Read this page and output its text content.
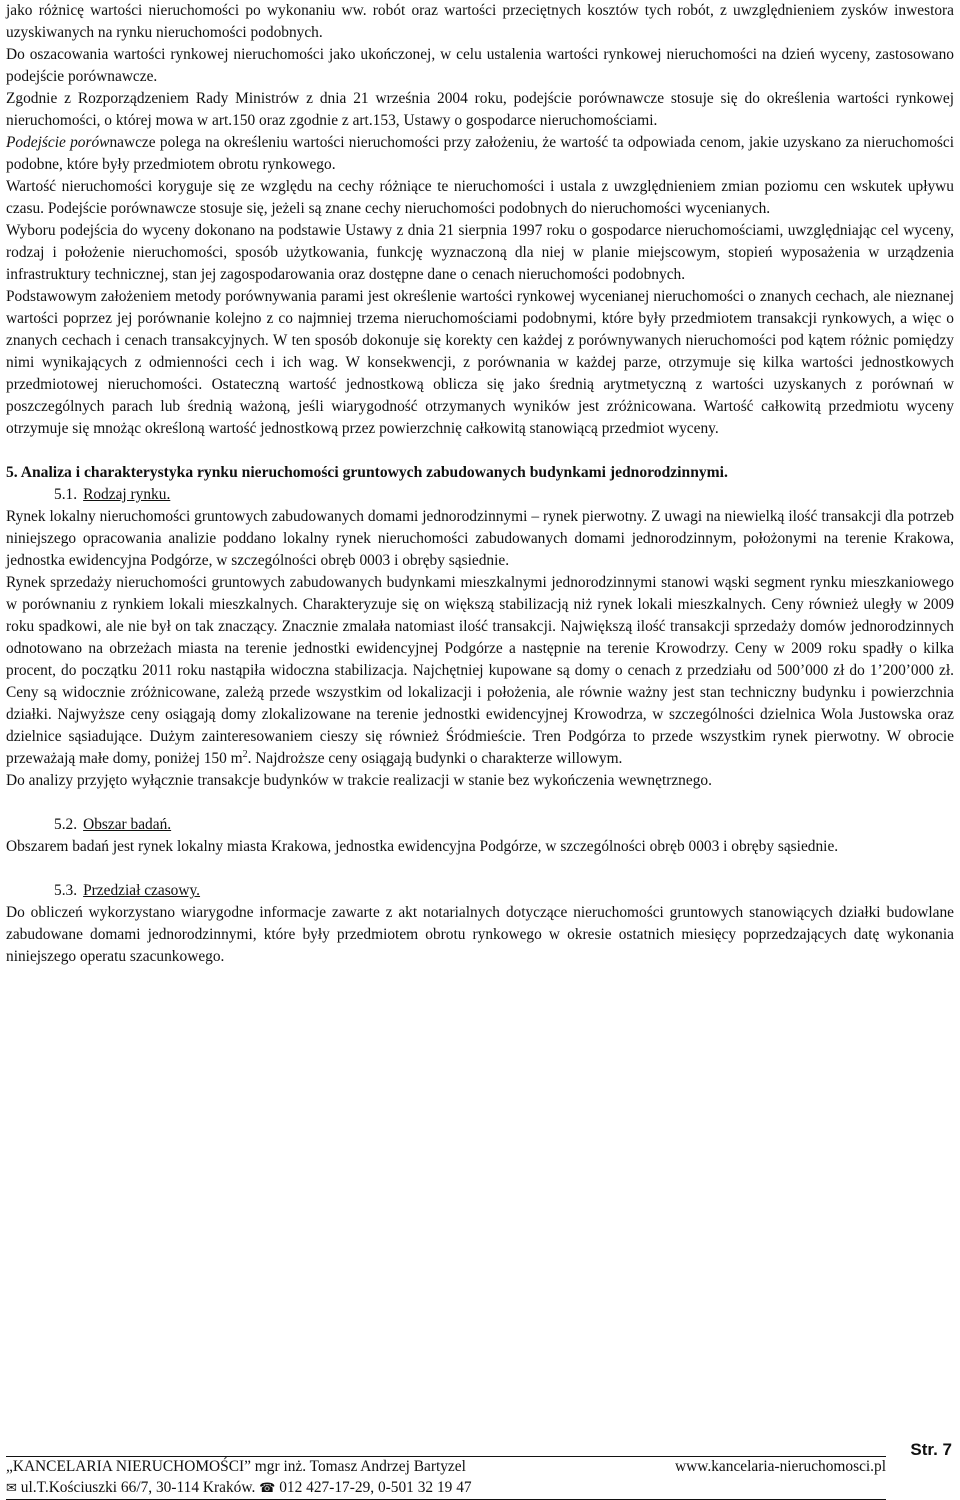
jako różnicę wartości nieruchomości po wykonaniu ww. robót oraz wartości przeciętnych kosztów tych robót, z uwzględnieniem zysków inwestora uzyskiwanych na rynku nieruchomości podobnych.

Do oszacowania wartości rynkowej nieruchomości jako ukończonej, w celu ustalenia wartości rynkowej nieruchomości na dzień wyceny, zastosowano podejście porównawcze.

Zgodnie z Rozporządzeniem Rady Ministrów z dnia 21 września 2004 roku, podejście porównawcze stosuje się do określenia wartości rynkowej nieruchomości, o której mowa w art.150 oraz zgodnie z art.153, Ustawy o gospodarce nieruchomościami.

Podejście porównawcze polega na określeniu wartości nieruchomości przy założeniu, że wartość ta odpowiada cenom, jakie uzyskano za nieruchomości podobne, które były przedmiotem obrotu rynkowego.

Wartość nieruchomości koryguje się ze względu na cechy różniące te nieruchomości i ustala z uwzględnieniem zmian poziomu cen wskutek upływu czasu. Podejście porównawcze stosuje się, jeżeli są znane cechy nieruchomości podobnych do nieruchomości wycenianych.

Wyboru podejścia do wyceny dokonano na podstawie Ustawy z dnia 21 sierpnia 1997 roku o gospodarce nieruchomościami, uwzględniając cel wyceny, rodzaj i położenie nieruchomości, sposób użytkowania, funkcję wyznaczoną dla niej w planie miejscowym, stopień wyposażenia w urządzenia infrastruktury technicznej, stan jej zagospodarowania oraz dostępne dane o cenach nieruchomości podobnych.

Podstawowym założeniem metody porównywania parami jest określenie wartości rynkowej wycenianej nieruchomości o znanych cechach, ale nieznanej wartości poprzez jej porównanie kolejno z co najmniej trzema nieruchomościami podobnymi, które były przedmiotem transakcji rynkowych, a więc o znanych cechach i cenach transakcyjnych. W ten sposób dokonuje się korekty cen każdej z porównywanych nieruchomości pod kątem różnic pomiędzy nimi wynikających z odmienności cech i ich wag. W konsekwencji, z porównania w każdej parze, otrzymuje się kilka wartości jednostkowych przedmiotowej nieruchomości. Ostateczną wartość jednostkową oblicza się jako średnią arytmetyczną z wartości uzyskanych z porównań w poszczególnych parach lub średnią ważoną, jeśli wiarygodność otrzymanych wyników jest zróżnicowana. Wartość całkowitą przedmiotu wyceny otrzymuje się mnożąc określoną wartość jednostkową przez powierzchnię całkowitą stanowiącą przedmiot wyceny.

5. Analiza i charakterystyka rynku nieruchomości gruntowych zabudowanych budynkami jednorodzinnymi.

5.1. Rodzaj rynku.

Rynek lokalny nieruchomości gruntowych zabudowanych domami jednorodzinnymi – rynek pierwotny. Z uwagi na niewielką ilość transakcji dla potrzeb niniejszego opracowania analizie poddano lokalny rynek nieruchomości zabudowanych domami jednorodzinnym, położonymi na terenie Krakowa, jednostka ewidencyjna Podgórze, w szczególności obręb 0003 i obręby sąsiednie.

Rynek sprzedaży nieruchomości gruntowych zabudowanych budynkami mieszkalnymi jednorodzinnymi stanowi wąski segment rynku mieszkaniowego w porównaniu z rynkiem lokali mieszkalnych. Charakteryzuje się on większą stabilizacją niż rynek lokali mieszkalnych. Ceny również uległy w 2009 roku spadkowi, ale nie był on tak znaczący. Znacznie zmalała natomiast ilość transakcji. Największą ilość transakcji sprzedaży domów jednorodzinnych odnotowano na obrzeżach miasta na terenie jednostki ewidencyjnej Podgórze a następnie na terenie Krowodrzy. Ceny w 2009 roku spadły o kilka procent, do początku 2011 roku nastąpiła widoczna stabilizacja. Najchętniej kupowane są domy o cenach z przedziału od 500’000 zł do 1’200’000 zł. Ceny są widocznie zróżnicowane, zależą przede wszystkim od lokalizacji i położenia, ale równie ważny jest stan techniczny budynku i powierzchnia działki. Najwyższe ceny osiągają domy zlokalizowane na terenie jednostki ewidencyjnej Krowodrza, w szczególności dzielnica Wola Justowska oraz dzielnice sąsiadujące. Dużym zainteresowaniem cieszy się również Śródmieście. Tren Podgórza to przede wszystkim rynek pierwotny. W obrocie przeważają małe domy, poniżej 150 $m^2$. Najdroższe ceny osiągają budynki o charakterze willowym.

Do analizy przyjęto wyłącznie transakcje budynków w trakcie realizacji w stanie bez wykończenia wewnętrznego.

5.2. Obszar badań.

Obszarem badań jest rynek lokalny miasta Krakowa, jednostka ewidencyjna Podgórze, w szczególności obręb 0003 i obręby sąsiednie.

5.3. Przedział czasowy.

Do obliczeń wykorzystano wiarygodne informacje zawarte z akt notarialnych dotyczące nieruchomości gruntowych stanowiących działki budowlane zabudowane domami jednorodzinnymi, które były przedmiotem obrotu rynkowego w okresie ostatnich miesięcy poprzedzających datę wykonania niniejszego operatu szacunkowego.

Str. 7
„KANCELARIA NIERUCHOMOŚCI” mgr inż. Tomasz Andrzej Bartyzel	www.kancelaria-nieruchomosci.pl
✉ ul.T.Kościuszki 66/7, 30-114 Kraków. ☎ 012 427-17-29, 0-501 32 19 47
